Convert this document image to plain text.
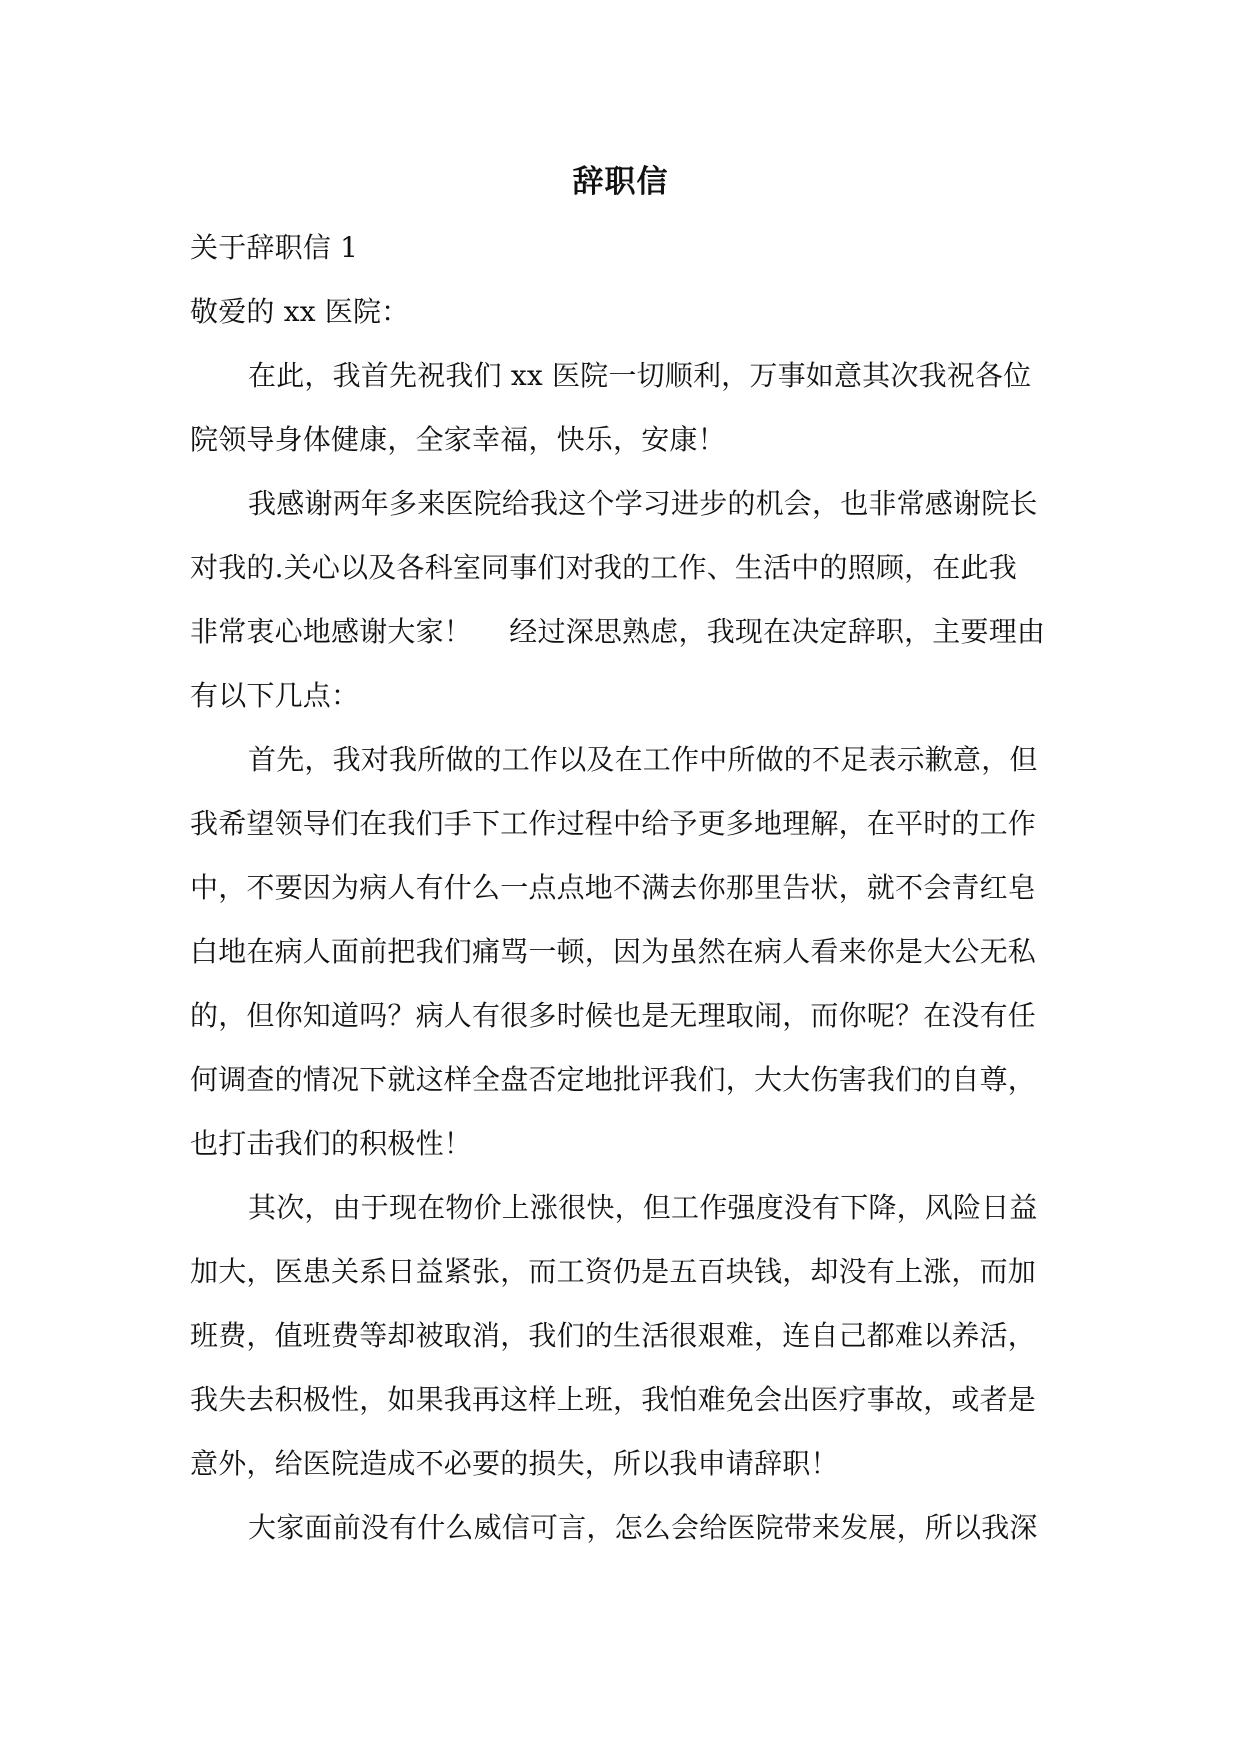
辞职信
关于辞职信 1
敬爱的 xx 医院：
在此，我首先祝我们 xx 医院一切顺利，万事如意其次我祝各位
院领导身体健康，全家幸福，快乐，安康！
我感谢两年多来医院给我这个学习进步的机会，也非常感谢院长
对我的.关心以及各科室同事们对我的工作、生活中的照顾，在此我
非常衷心地感谢大家！　 经过深思熟虑，我现在决定辞职，主要理由
有以下几点：
首先，我对我所做的工作以及在工作中所做的不足表示歉意，但
我希望领导们在我们手下工作过程中给予更多地理解，在平时的工作
中，不要因为病人有什么一点点地不满去你那里告状，就不会青红皂
白地在病人面前把我们痛骂一顿，因为虽然在病人看来你是大公无私
的，但你知道吗？病人有很多时候也是无理取闹，而你呢？在没有任
何调查的情况下就这样全盘否定地批评我们，大大伤害我们的自尊，
也打击我们的积极性！
其次，由于现在物价上涨很快，但工作强度没有下降，风险日益
加大，医患关系日益紧张，而工资仍是五百块钱，却没有上涨，而加
班费，值班费等却被取消，我们的生活很艰难，连自己都难以养活，
我失去积极性，如果我再这样上班，我怕难免会出医疗事故，或者是
意外，给医院造成不必要的损失，所以我申请辞职！
大家面前没有什么威信可言，怎么会给医院带来发展，所以我深
